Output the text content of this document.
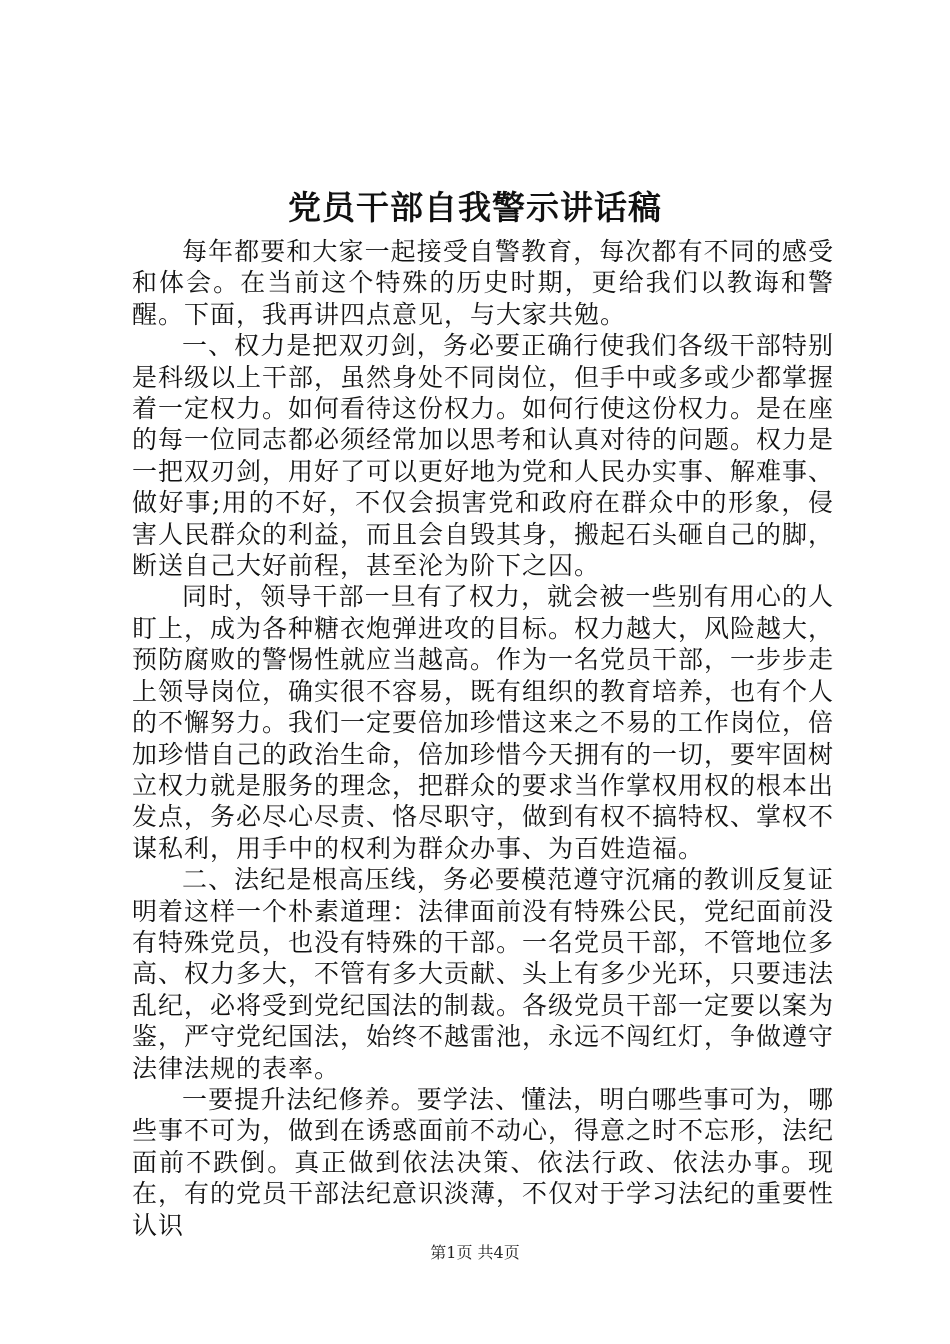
党员干部自我警示讲话稿

每年都要和大家一起接受自警教育，每次都有不同的感受和体会。在当前这个特殊的历史时期，更给我们以教诲和警醒。下面，我再讲四点意见，与大家共勉。

一、权力是把双刃剑，务必要正确行使我们各级干部特别是科级以上干部，虽然身处不同岗位，但手中或多或少都掌握着一定权力。如何看待这份权力。如何行使这份权力。是在座的每一位同志都必须经常加以思考和认真对待的问题。权力是一把双刃剑，用好了可以更好地为党和人民办实事、解难事、做好事;用的不好，不仅会损害党和政府在群众中的形象，侵害人民群众的利益，而且会自毁其身，搬起石头砸自己的脚，断送自己大好前程，甚至沦为阶下之囚。

同时，领导干部一旦有了权力，就会被一些别有用心的人盯上，成为各种糖衣炮弹进攻的目标。权力越大，风险越大，预防腐败的警惕性就应当越高。作为一名党员干部，一步步走上领导岗位，确实很不容易，既有组织的教育培养，也有个人的不懈努力。我们一定要倍加珍惜这来之不易的工作岗位，倍加珍惜自己的政治生命，倍加珍惜今天拥有的一切，要牢固树立权力就是服务的理念，把群众的要求当作掌权用权的根本出发点，务必尽心尽责、恪尽职守，做到有权不搞特权、掌权不谋私利，用手中的权利为群众办事、为百姓造福。

二、法纪是根高压线，务必要模范遵守沉痛的教训反复证明着这样一个朴素道理：法律面前没有特殊公民，党纪面前没有特殊党员，也没有特殊的干部。一名党员干部，不管地位多高、权力多大，不管有多大贡献、头上有多少光环，只要违法乱纪，必将受到党纪国法的制裁。各级党员干部一定要以案为鉴，严守党纪国法，始终不越雷池，永远不闯红灯，争做遵守法律法规的表率。

一要提升法纪修养。要学法、懂法，明白哪些事可为，哪些事不可为，做到在诱惑面前不动心，得意之时不忘形，法纪面前不跌倒。真正做到依法决策、依法行政、依法办事。现在，有的党员干部法纪意识淡薄，不仅对于学习法纪的重要性认识

第1页 共4页
